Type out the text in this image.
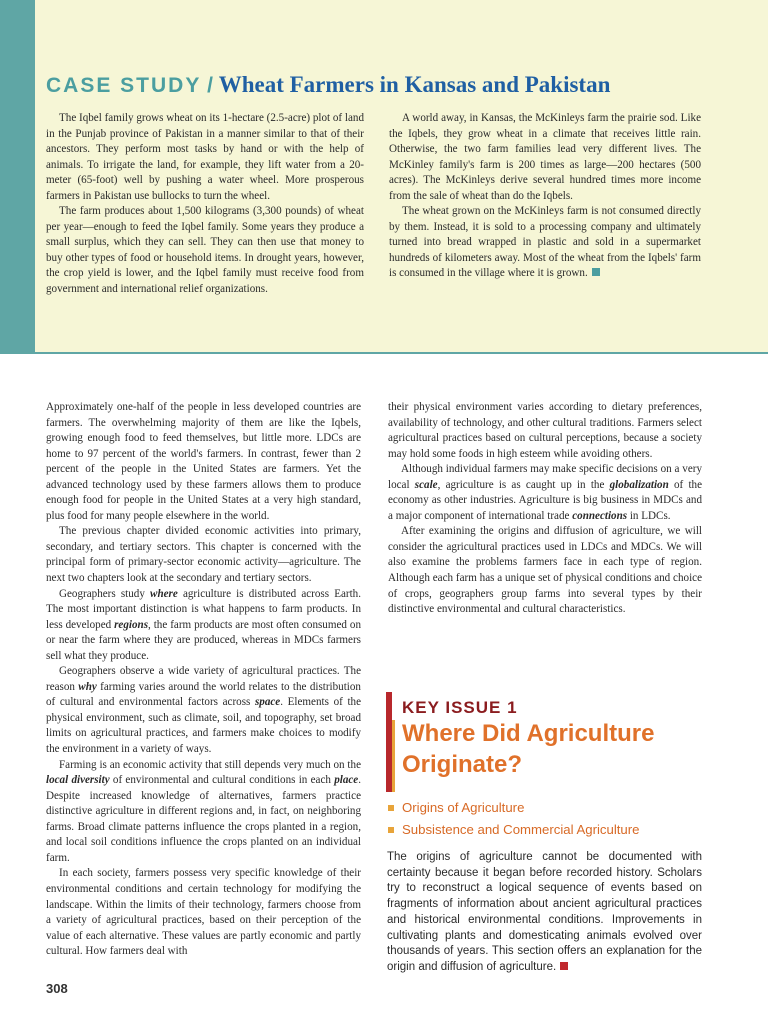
CASE STUDY / Wheat Farmers in Kansas and Pakistan

The Iqbel family grows wheat on its 1-hectare (2.5-acre) plot of land in the Punjab province of Pakistan in a manner similar to that of their ancestors. They perform most tasks by hand or with the help of animals. To irrigate the land, for example, they lift water from a 20-meter (65-foot) well by pushing a water wheel. More prosperous farmers in Pakistan use bullocks to turn the wheel.

The farm produces about 1,500 kilograms (3,300 pounds) of wheat per year—enough to feed the Iqbel family. Some years they produce a small surplus, which they can sell. They can then use that money to buy other types of food or household items. In drought years, however, the crop yield is lower, and the Iqbel family must receive food from government and international relief organizations.

A world away, in Kansas, the McKinleys farm the prairie sod. Like the Iqbels, they grow wheat in a climate that receives little rain. Otherwise, the two farm families lead very different lives. The McKinley family's farm is 200 times as large—200 hectares (500 acres). The McKinleys derive several hundred times more income from the sale of wheat than do the Iqbels.

The wheat grown on the McKinleys farm is not consumed directly by them. Instead, it is sold to a processing company and ultimately turned into bread wrapped in plastic and sold in a supermarket hundreds of kilometers away. Most of the wheat from the Iqbels' farm is consumed in the village where it is grown.

Approximately one-half of the people in less developed countries are farmers. The overwhelming majority of them are like the Iqbels, growing enough food to feed themselves, but little more. LDCs are home to 97 percent of the world's farmers. In contrast, fewer than 2 percent of the people in the United States are farmers. Yet the advanced technology used by these farmers allows them to produce enough food for people in the United States at a very high standard, plus food for many people elsewhere in the world.

The previous chapter divided economic activities into primary, secondary, and tertiary sectors. This chapter is concerned with the principal form of primary-sector economic activity—agriculture. The next two chapters look at the secondary and tertiary sectors.

Geographers study where agriculture is distributed across Earth. The most important distinction is what happens to farm products. In less developed regions, the farm products are most often consumed on or near the farm where they are produced, whereas in MDCs farmers sell what they produce.

Geographers observe a wide variety of agricultural practices. The reason why farming varies around the world relates to the distribution of cultural and environmental factors across space. Elements of the physical environment, such as climate, soil, and topography, set broad limits on agricultural practices, and farmers make choices to modify the environment in a variety of ways.

Farming is an economic activity that still depends very much on the local diversity of environmental and cultural conditions in each place. Despite increased knowledge of alternatives, farmers practice distinctive agriculture in different regions and, in fact, on neighboring farms. Broad climate patterns influence the crops planted in a region, and local soil conditions influence the crops planted on an individual farm.

In each society, farmers possess very specific knowledge of their environmental conditions and certain technology for modifying the landscape. Within the limits of their technology, farmers choose from a variety of agricultural practices, based on their perception of the value of each alternative. These values are partly economic and partly cultural. How farmers deal with

their physical environment varies according to dietary preferences, availability of technology, and other cultural traditions. Farmers select agricultural practices based on cultural perceptions, because a society may hold some foods in high esteem while avoiding others.

Although individual farmers may make specific decisions on a very local scale, agriculture is as caught up in the globalization of the economy as other industries. Agriculture is big business in MDCs and a major component of international trade connections in LDCs.

After examining the origins and diffusion of agriculture, we will consider the agricultural practices used in LDCs and MDCs. We will also examine the problems farmers face in each type of region. Although each farm has a unique set of physical conditions and choice of crops, geographers group farms into several types by their distinctive environmental and cultural characteristics.

KEY ISSUE 1

Where Did Agriculture Originate?
Origins of Agriculture
Subsistence and Commercial Agriculture

The origins of agriculture cannot be documented with certainty because it began before recorded history. Scholars try to reconstruct a logical sequence of events based on fragments of information about ancient agricultural practices and historical environmental conditions. Improvements in cultivating plants and domesticating animals evolved over thousands of years. This section offers an explanation for the origin and diffusion of agriculture.

308
